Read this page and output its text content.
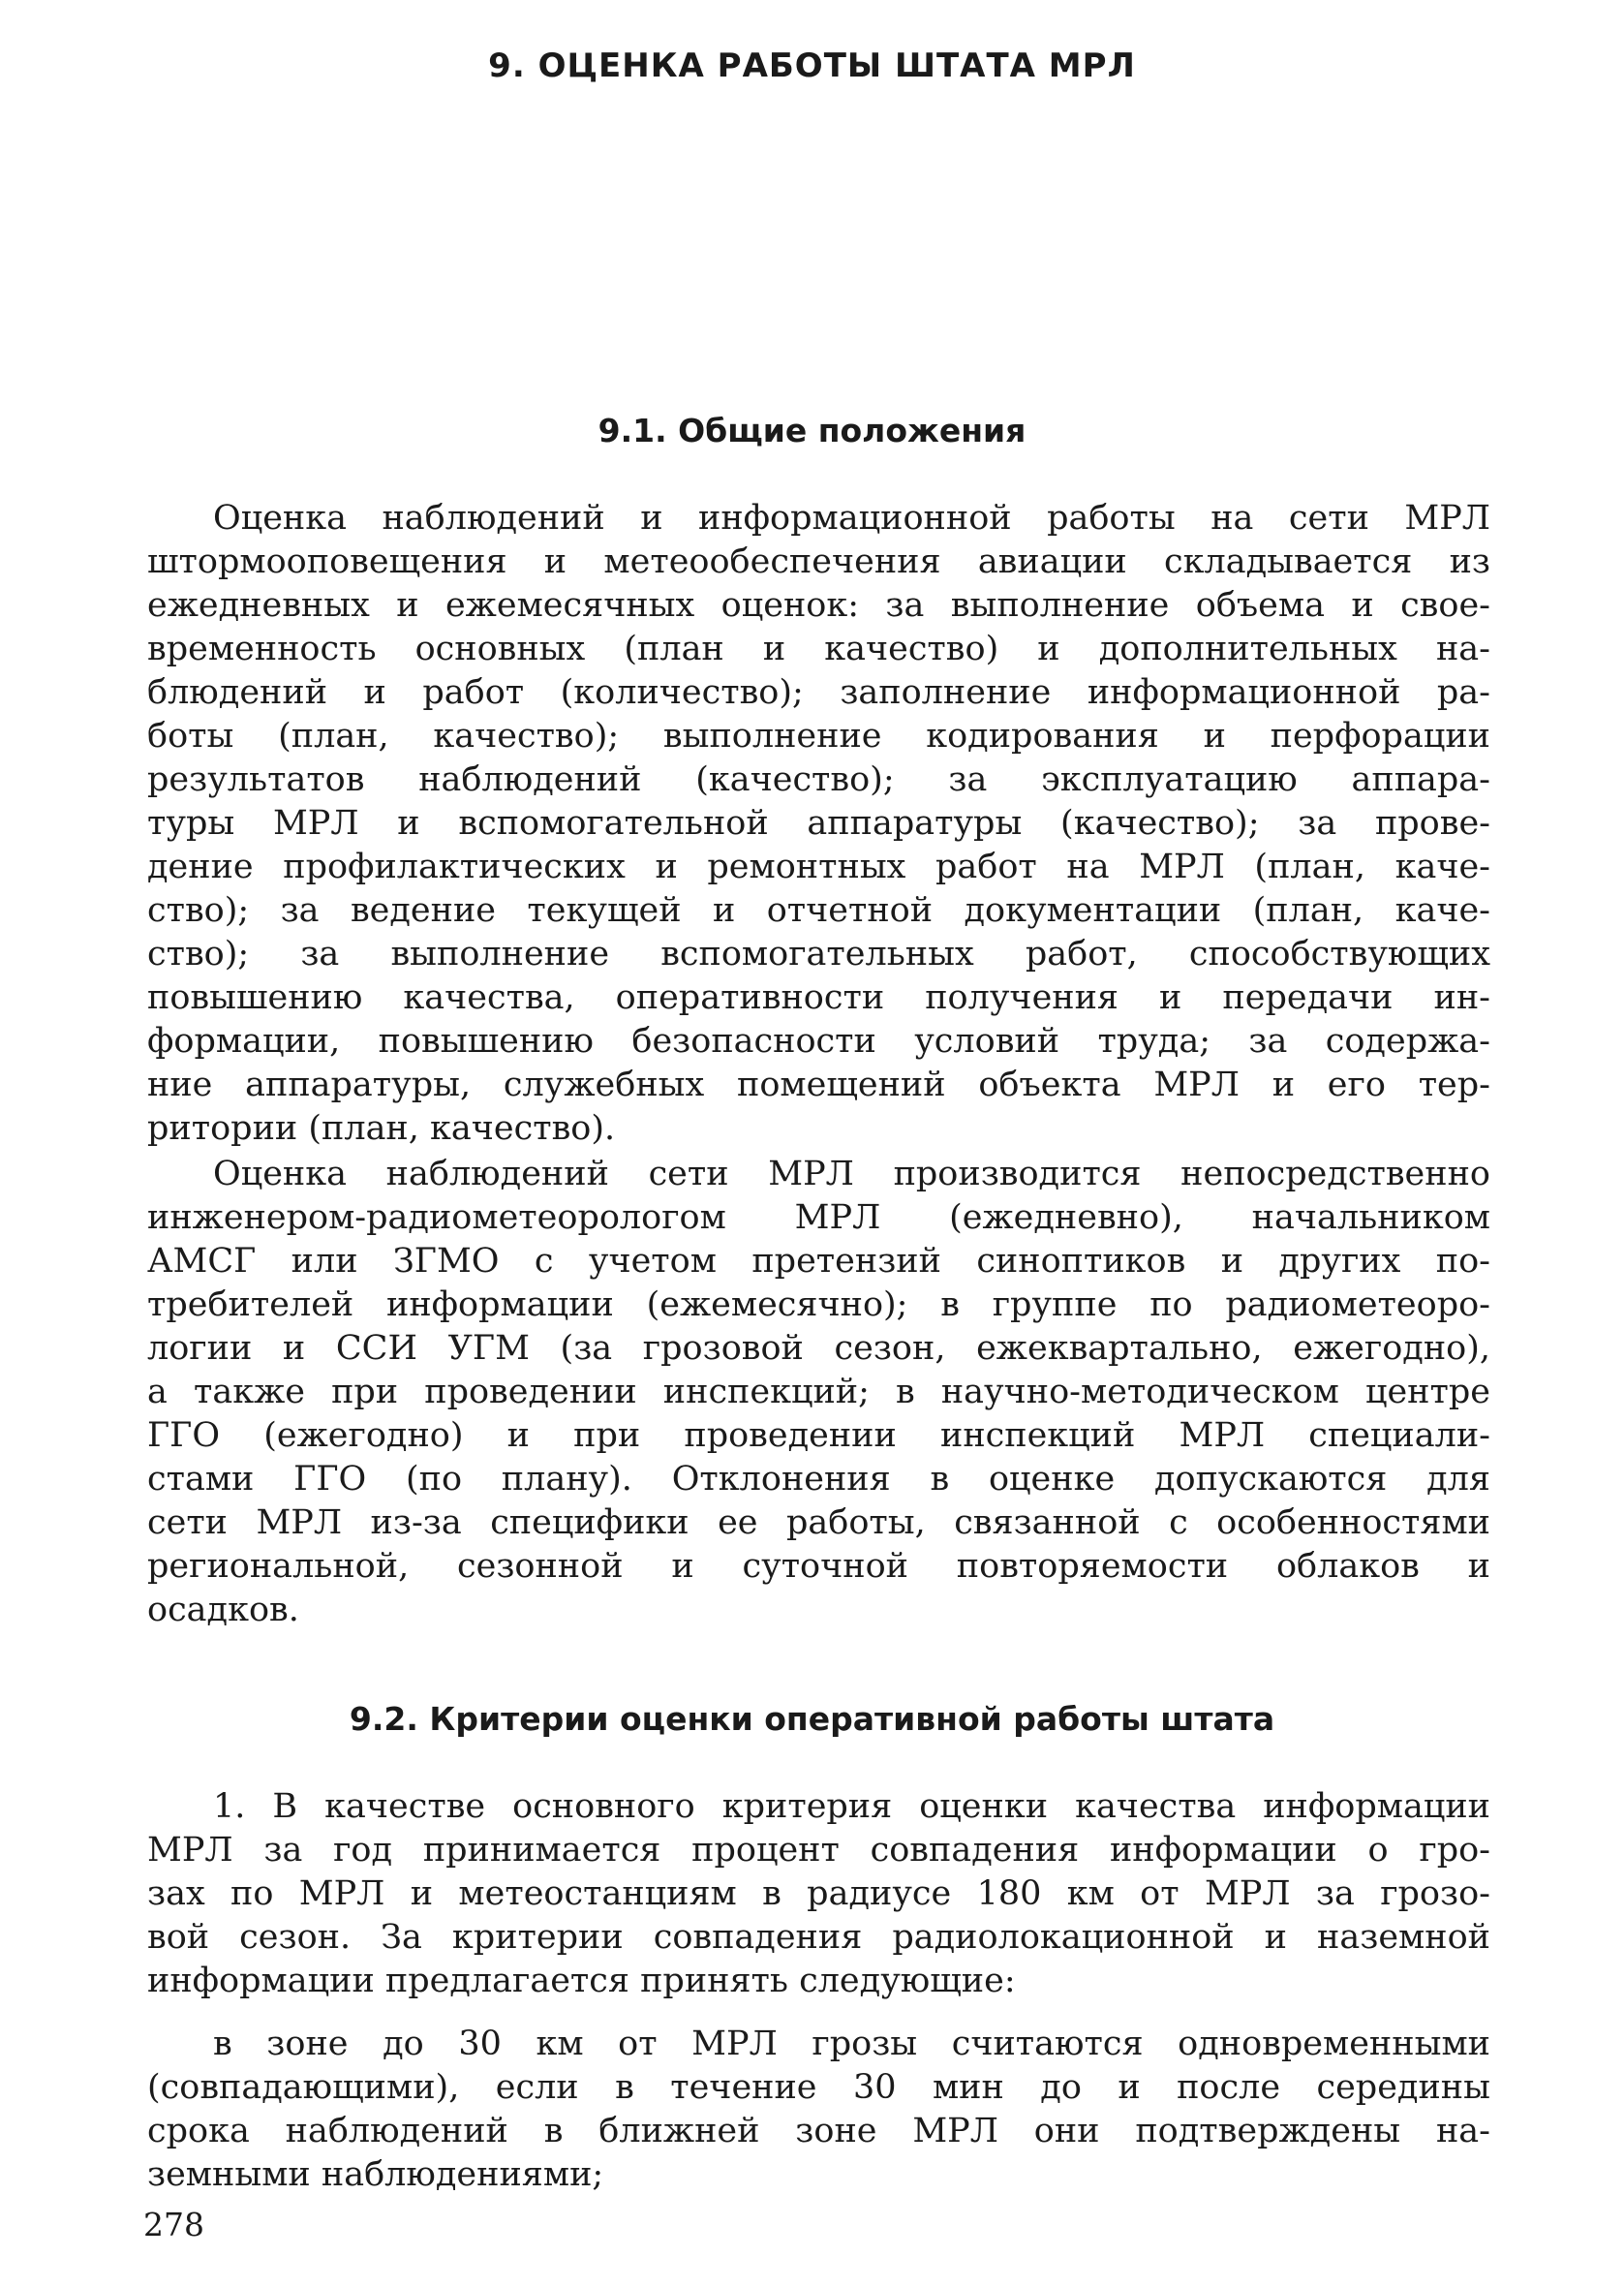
9. ОЦЕНКА РАБОТЫ ШТАТА МРЛ
9.1. Общие положения
Оценка наблюдений и информационной работы на сети МРЛ
штормооповещения и метеообеспечения авиации складывается из
ежедневных и ежемесячных оценок: за выполнение объема и свое-
временность основных (план и качество) и дополнительных на-
блюдений и работ (количество); заполнение информационной ра-
боты (план, качество); выполнение кодирования и перфорации
результатов наблюдений (качество); за эксплуатацию аппара-
туры МРЛ и вспомогательной аппаратуры (качество); за прове-
дение профилактических и ремонтных работ на МРЛ (план, каче-
ство); за ведение текущей и отчетной документации (план, каче-
ство); за выполнение вспомогательных работ, способствующих
повышению качества, оперативности получения и передачи ин-
формации, повышению безопасности условий труда; за содержа-
ние аппаратуры, служебных помещений объекта МРЛ и его тер-
ритории (план, качество).
Оценка наблюдений сети МРЛ производится непосредственно
инженером-радиометеорологом МРЛ (ежедневно), начальником
АМСГ или ЗГМО с учетом претензий синоптиков и других по-
требителей информации (ежемесячно); в группе по радиометеоро-
логии и ССИ УГМ (за грозовой сезон, ежеквартально, ежегодно),
а также при проведении инспекций; в научно-методическом центре
ГГО (ежегодно) и при проведении инспекций МРЛ специали-
стами ГГО (по плану). Отклонения в оценке допускаются для
сети МРЛ из-за специфики ее работы, связанной с особенностями
региональной, сезонной и суточной повторяемости облаков и
осадков.
9.2. Критерии оценки оперативной работы штата
1. В качестве основного критерия оценки качества информации
МРЛ за год принимается процент совпадения информации о гро-
зах по МРЛ и метеостанциям в радиусе 180 км от МРЛ за грозо-
вой сезон. За критерии совпадения радиолокационной и наземной
информации предлагается принять следующие:
в зоне до 30 км от МРЛ грозы считаются одновременными
(совпадающими), если в течение 30 мин до и после середины
срока наблюдений в ближней зоне МРЛ они подтверждены на-
земными наблюдениями;

278
